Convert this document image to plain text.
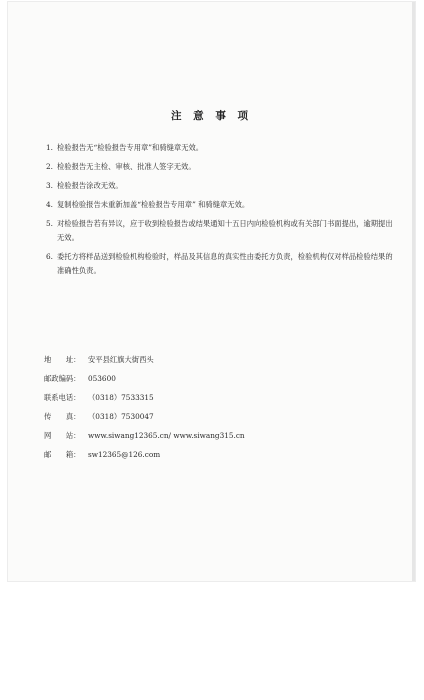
注 意 事 项
1. 检验报告无“检验报告专用章”和骑缝章无效。
2. 检验报告无主检、审核、批准人签字无效。
3. 检验报告涂改无效。
4. 复制检验报告未重新加盖“检验报告专用章” 和骑缝章无效。
5. 对检验报告若有异议，应于收到检验报告或结果通知十五日内向检验机构或有关部门书面提出，逾期提出无效。
6. 委托方将样品送到检验机构检验时，样品及其信息的真实性由委托方负责，检验机构仅对样品检验结果的准确性负责。
地　　址：	安平县红旗大街西头
邮政编码：	053600
联系电话：	（0318）7533315
传　　真：	（0318）7530047
网　　站：	www.siwang12365.cn/ www.siwang315.cn
邮　　箱：	sw12365@126.com
